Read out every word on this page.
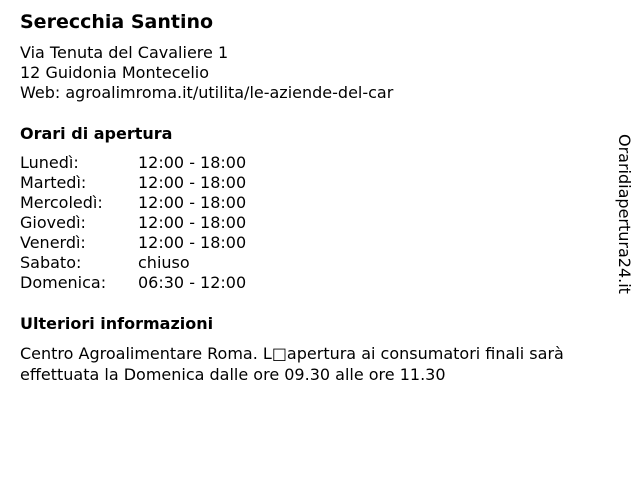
Serecchia Santino
Via Tenuta del Cavaliere 1
12 Guidonia Montecelio
Web: agroalimroma.it/utilita/le-aziende-del-car
Orari di apertura
Lunedì:	12:00 - 18:00
Martedì:	12:00 - 18:00
Mercoledì:	12:00 - 18:00
Giovedì:	12:00 - 18:00
Venerdì:	12:00 - 18:00
Sabato:	chiuso
Domenica:	06:30 - 12:00
Ulteriori informazioni
Centro Agroalimentare Roma. L□apertura ai consumatori finali sarà effettuata la Domenica dalle ore 09.30 alle ore 11.30
Oraridiapertura24.it
